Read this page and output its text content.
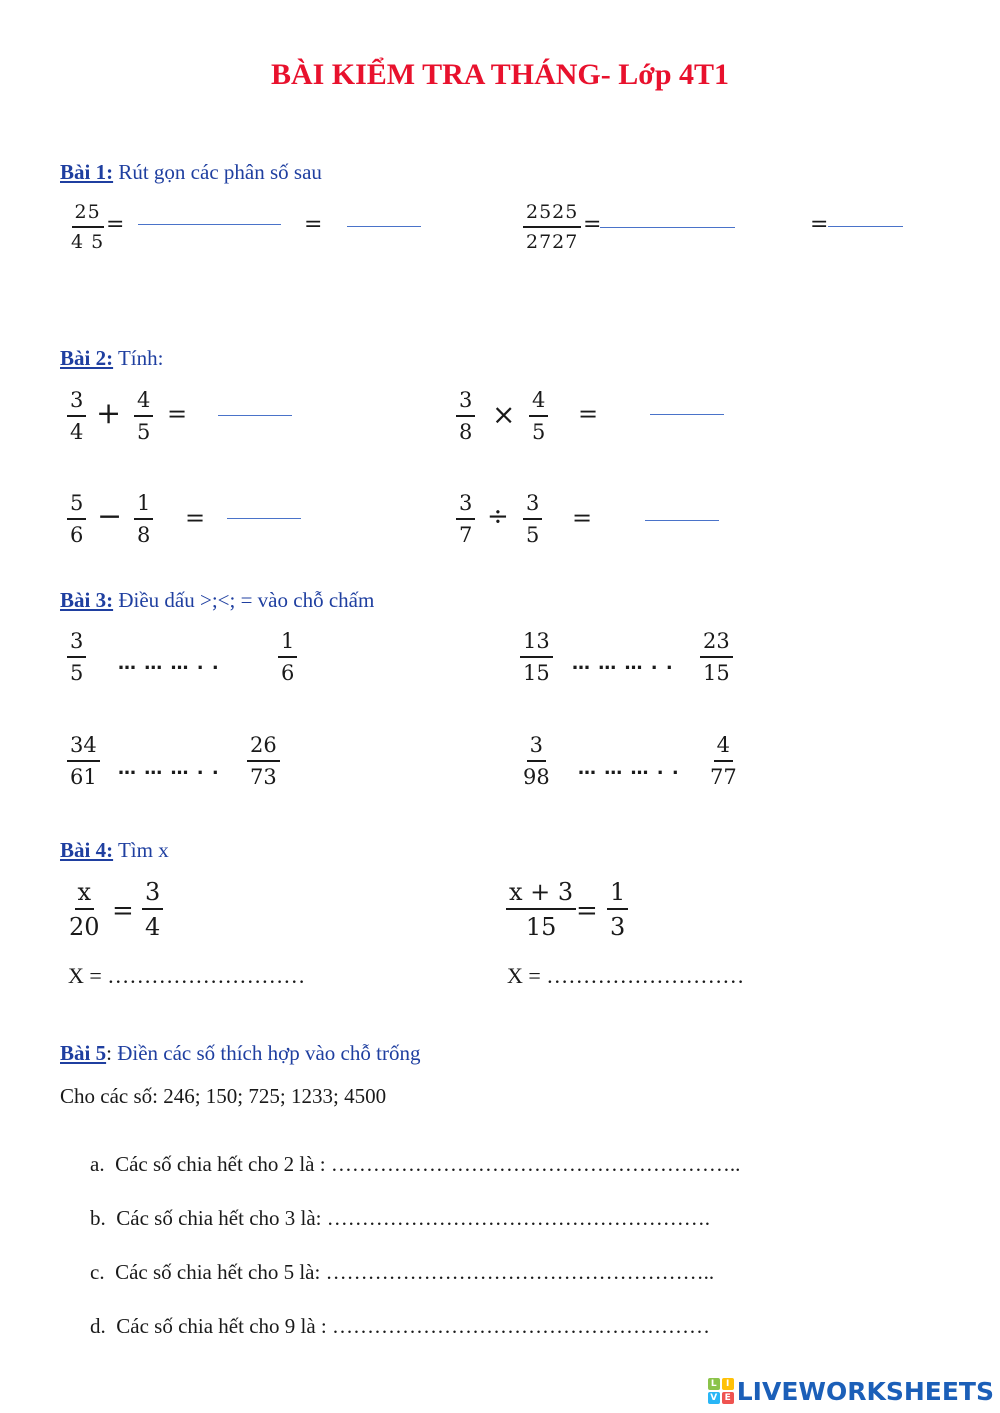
BÀI KIỂM TRA THÁNG- Lớp 4T1
Bài 1: Rút gọn các phân số sau
$\frac{25}{4 5}$
=	=	$\frac{2525}{2727}$ =	=
Bài 2: Tính:
$\frac{3}{4} + \frac{4}{5}$ =	$\frac{3}{8} \times \frac{4}{5}$ =
$\frac{5}{6} - \frac{1}{8}$ =	$\frac{3}{7} \div \frac{3}{5}$ =
Bài 3: Điều dấu >;<; = vào chỗ chấm
$\frac{3}{5}$ … … … . .	$\frac{1}{6}$	$\frac{13}{15}$ … … … . . $\frac{23}{15}$
$\frac{34}{61}$ … … … . . $\frac{26}{73}$	$\frac{3}{98}$ … … … . . $\frac{4}{77}$
Bài 4: Tìm x
$\frac{x}{20} = \frac{3}{4}$
X = ………………………
$\frac{x + 3}{15} = \frac{1}{3}$
X = ………………………
Bài 5: Điền các số thích hợp vào chỗ trống
Cho các số: 246; 150; 725; 1233; 4500
a. Các số chia hết cho 2 là : …………………………………………………..
b. Các số chia hết cho 3 là: ……………………………………………….
c. Các số chia hết cho 5 là: ………………………………………………..
d. Các số chia hết cho 9 là : ………………………………………………
L	I
V E LIVEWORKSHEETS
